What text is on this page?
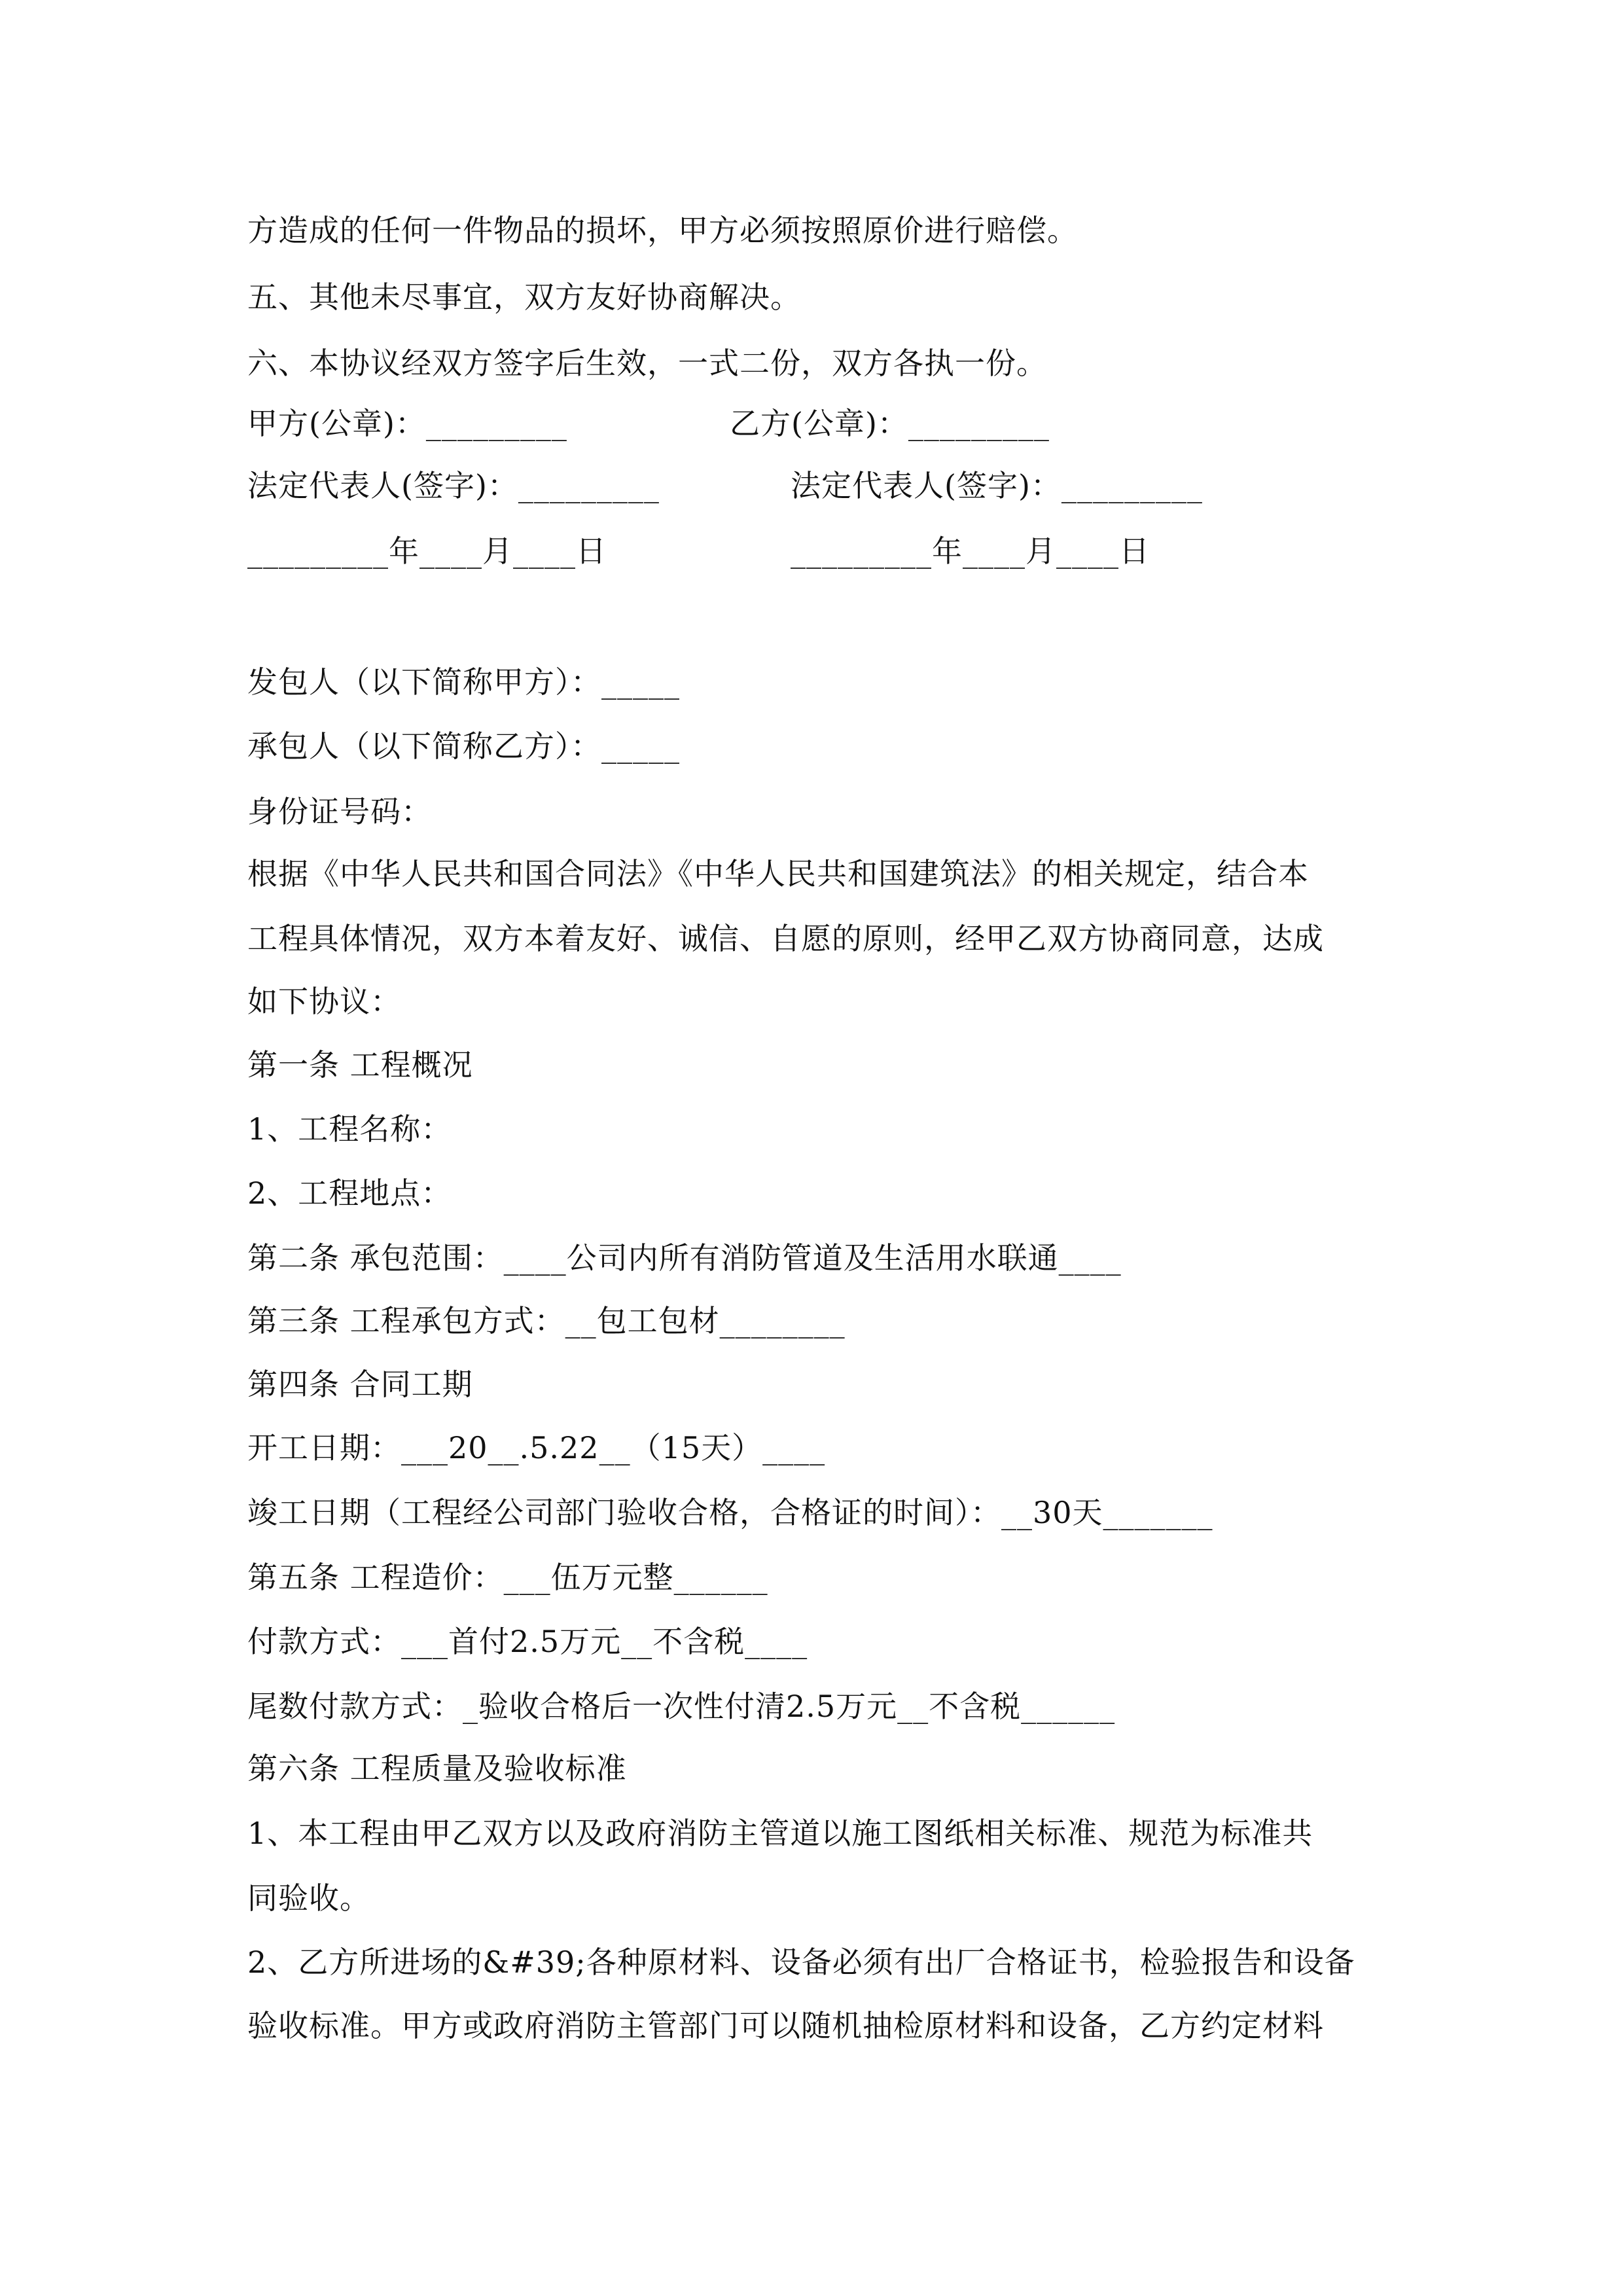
方造成的任何一件物品的损坏，甲方必须按照原价进行赔偿。
五、其他未尽事宜，双方友好协商解决。
六、本协议经双方签字后生效，一式二份，双方各执一份。
甲方(公章)：_________	乙方(公章)：_________
法定代表人(签字)：_________	法定代表人(签字)：_________
_________年____月____日	_________年____月____日
发包人（以下简称甲方）：_____
承包人（以下简称乙方）：_____
身份证号码：
根据《中华人民共和国合同法》《中华人民共和国建筑法》的相关规定，结合本
工程具体情况，双方本着友好、诚信、自愿的原则，经甲乙双方协商同意，达成
如下协议：
第一条 工程概况
1、工程名称：
2、工程地点：
第二条 承包范围：____公司内所有消防管道及生活用水联通____
第三条 工程承包方式：__包工包材________
第四条 合同工期
开工日期：___20__.5.22__（15天）____
竣工日期（工程经公司部门验收合格，合格证的时间）：__30天_______
第五条 工程造价：___伍万元整______
付款方式：___首付2.5万元__不含税____
尾数付款方式：_验收合格后一次性付清2.5万元__不含税______
第六条 工程质量及验收标准
1、本工程由甲乙双方以及政府消防主管道以施工图纸相关标准、规范为标准共
同验收。
2、乙方所进场的&#39;各种原材料、设备必须有出厂合格证书，检验报告和设备
验收标准。甲方或政府消防主管部门可以随机抽检原材料和设备，乙方约定材料
